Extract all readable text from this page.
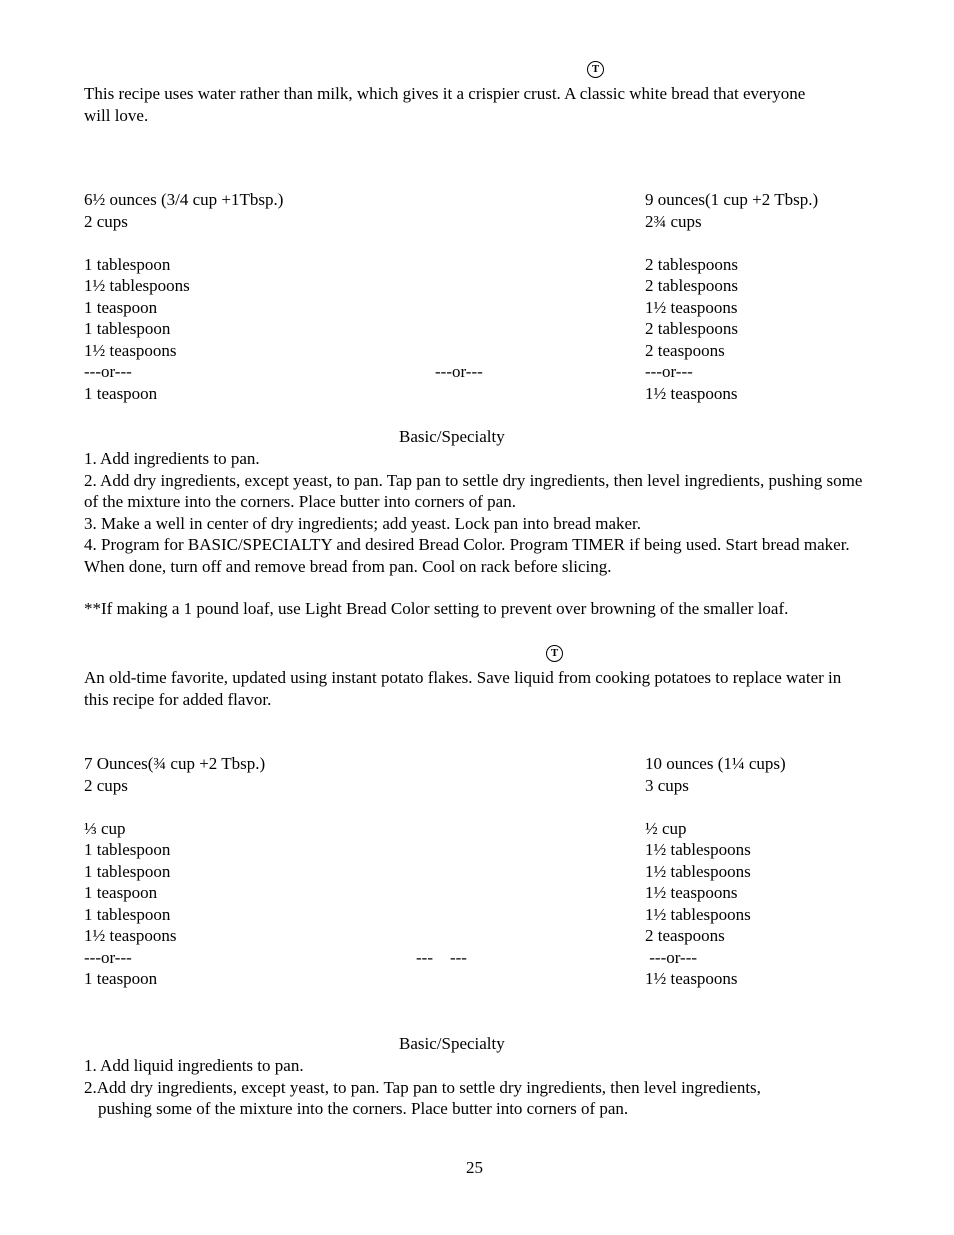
T
This recipe uses water rather than milk, which gives it a crispier crust. A classic white bread that everyone will love.
6½ ounces (3/4 cup +1Tbsp.)
2 cups
1 tablespoon
1½ tablespoons
1 teaspoon
1 tablespoon
1½ teaspoons
---or---
1 teaspoon
---or---
9 ounces(1 cup +2 Tbsp.)
2¾ cups
2 tablespoons
2 tablespoons
1½ teaspoons
2 tablespoons
2 teaspoons
---or---
1½ teaspoons
Basic/Specialty
1. Add ingredients to pan.
2. Add dry ingredients, except yeast, to pan. Tap pan to settle dry ingredients, then level ingredients, pushing some of the mixture into the corners. Place butter into corners of pan.
3. Make a well in center of dry ingredients; add yeast. Lock pan into bread maker.
4. Program for BASIC/SPECIALTY and desired Bread Color. Program TIMER if being used. Start bread maker. When done, turn off and remove bread from pan. Cool on rack before slicing.
**If making a 1 pound loaf, use Light Bread Color setting to prevent over browning of the smaller loaf.
T
An old-time favorite, updated using instant potato flakes. Save liquid from cooking potatoes to replace water in this recipe for added flavor.
7 Ounces(¾ cup +2 Tbsp.)
2 cups
⅓ cup
1 tablespoon
1 tablespoon
1 teaspoon
1 tablespoon
1½ teaspoons
---or---
1 teaspoon
---    ---
10 ounces (1¼ cups)
3 cups
½ cup
1½ tablespoons
1½ tablespoons
1½ teaspoons
1½ tablespoons
2 teaspoons
---or---
1½ teaspoons
Basic/Specialty
1. Add liquid ingredients to pan.
2.Add dry ingredients, except yeast, to pan. Tap pan to settle dry ingredients, then level ingredients,
pushing some of the mixture into the corners. Place butter into corners of pan.
25
